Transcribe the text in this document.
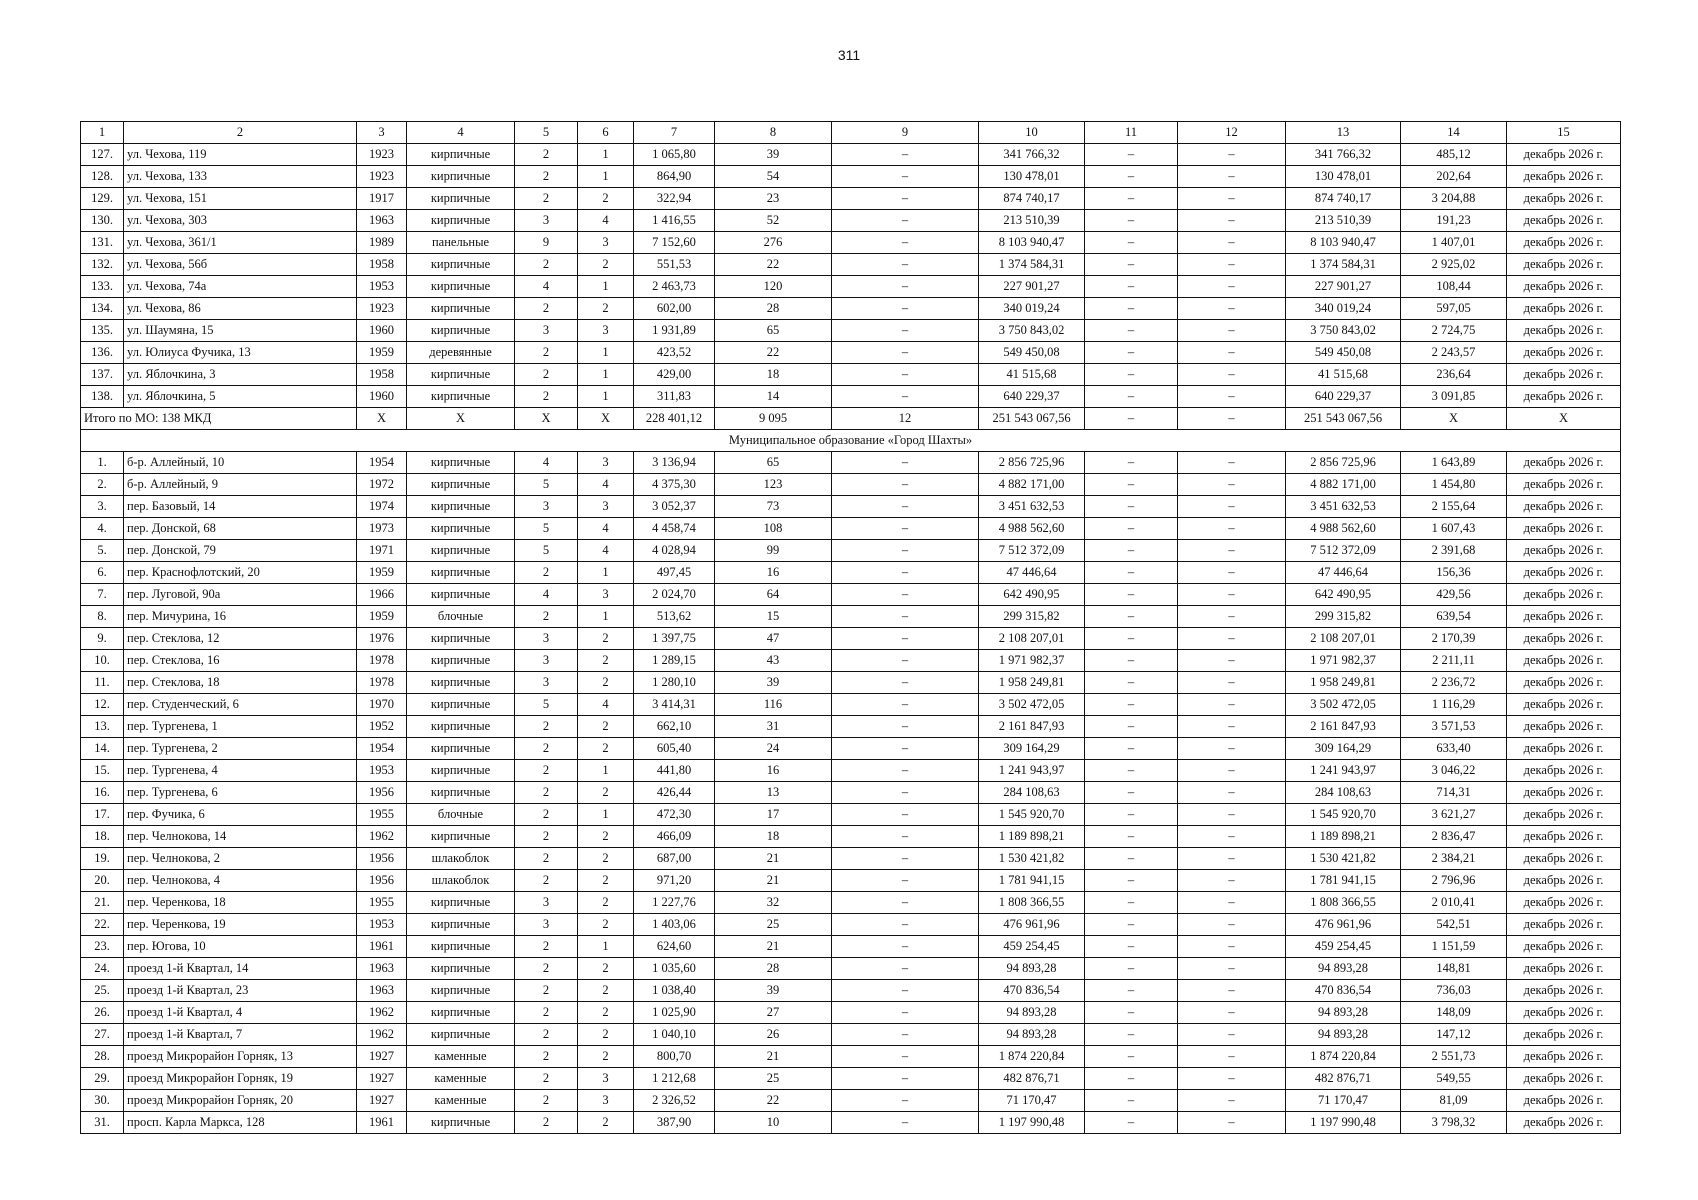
311
1	2	3	4	5	6	7	8	9	10	11	12	13	14	15
127.	ул. Чехова, 119	1923	кирпичные	2	1	1 065,80	39	–	341 766,32	–	–	341 766,32	485,12	декабрь 2026 г.
128.	ул. Чехова, 133	1923	кирпичные	2	1	864,90	54	–	130 478,01	–	–	130 478,01	202,64	декабрь 2026 г.
129.	ул. Чехова, 151	1917	кирпичные	2	2	322,94	23	–	874 740,17	–	–	874 740,17	3 204,88	декабрь 2026 г.
130.	ул. Чехова, 303	1963	кирпичные	3	4	1 416,55	52	–	213 510,39	–	–	213 510,39	191,23	декабрь 2026 г.
131.	ул. Чехова, 361/1	1989	панельные	9	3	7 152,60	276	–	8 103 940,47	–	–	8 103 940,47	1 407,01	декабрь 2026 г.
132.	ул. Чехова, 56б	1958	кирпичные	2	2	551,53	22	–	1 374 584,31	–	–	1 374 584,31	2 925,02	декабрь 2026 г.
133.	ул. Чехова, 74а	1953	кирпичные	4	1	2 463,73	120	–	227 901,27	–	–	227 901,27	108,44	декабрь 2026 г.
134.	ул. Чехова, 86	1923	кирпичные	2	2	602,00	28	–	340 019,24	–	–	340 019,24	597,05	декабрь 2026 г.
135.	ул. Шаумяна, 15	1960	кирпичные	3	3	1 931,89	65	–	3 750 843,02	–	–	3 750 843,02	2 724,75	декабрь 2026 г.
136.	ул. Юлиуса Фучика, 13	1959	деревянные	2	1	423,52	22	–	549 450,08	–	–	549 450,08	2 243,57	декабрь 2026 г.
137.	ул. Яблочкина, 3	1958	кирпичные	2	1	429,00	18	–	41 515,68	–	–	41 515,68	236,64	декабрь 2026 г.
138.	ул. Яблочкина, 5	1960	кирпичные	2	1	311,83	14	–	640 229,37	–	–	640 229,37	3 091,85	декабрь 2026 г.
Итого по МО: 138 МКД		X	X	X	X	228 401,12	9 095	12	251 543 067,56	–	–	251 543 067,56	X	X
Муниципальное образование «Город Шахты»														
1.	б-р. Аллейный, 10	1954	кирпичные	4	3	3 136,94	65	–	2 856 725,96	–	–	2 856 725,96	1 643,89	декабрь 2026 г.
2.	б-р. Аллейный, 9	1972	кирпичные	5	4	4 375,30	123	–	4 882 171,00	–	–	4 882 171,00	1 454,80	декабрь 2026 г.
3.	пер. Базовый, 14	1974	кирпичные	3	3	3 052,37	73	–	3 451 632,53	–	–	3 451 632,53	2 155,64	декабрь 2026 г.
4.	пер. Донской, 68	1973	кирпичные	5	4	4 458,74	108	–	4 988 562,60	–	–	4 988 562,60	1 607,43	декабрь 2026 г.
5.	пер. Донской, 79	1971	кирпичные	5	4	4 028,94	99	–	7 512 372,09	–	–	7 512 372,09	2 391,68	декабрь 2026 г.
6.	пер. Краснофлотский, 20	1959	кирпичные	2	1	497,45	16	–	47 446,64	–	–	47 446,64	156,36	декабрь 2026 г.
7.	пер. Луговой, 90а	1966	кирпичные	4	3	2 024,70	64	–	642 490,95	–	–	642 490,95	429,56	декабрь 2026 г.
8.	пер. Мичурина, 16	1959	блочные	2	1	513,62	15	–	299 315,82	–	–	299 315,82	639,54	декабрь 2026 г.
9.	пер. Стеклова, 12	1976	кирпичные	3	2	1 397,75	47	–	2 108 207,01	–	–	2 108 207,01	2 170,39	декабрь 2026 г.
10.	пер. Стеклова, 16	1978	кирпичные	3	2	1 289,15	43	–	1 971 982,37	–	–	1 971 982,37	2 211,11	декабрь 2026 г.
11.	пер. Стеклова, 18	1978	кирпичные	3	2	1 280,10	39	–	1 958 249,81	–	–	1 958 249,81	2 236,72	декабрь 2026 г.
12.	пер. Студенческий, 6	1970	кирпичные	5	4	3 414,31	116	–	3 502 472,05	–	–	3 502 472,05	1 116,29	декабрь 2026 г.
13.	пер. Тургенева, 1	1952	кирпичные	2	2	662,10	31	–	2 161 847,93	–	–	2 161 847,93	3 571,53	декабрь 2026 г.
14.	пер. Тургенева, 2	1954	кирпичные	2	2	605,40	24	–	309 164,29	–	–	309 164,29	633,40	декабрь 2026 г.
15.	пер. Тургенева, 4	1953	кирпичные	2	1	441,80	16	–	1 241 943,97	–	–	1 241 943,97	3 046,22	декабрь 2026 г.
16.	пер. Тургенева, 6	1956	кирпичные	2	2	426,44	13	–	284 108,63	–	–	284 108,63	714,31	декабрь 2026 г.
17.	пер. Фучика, 6	1955	блочные	2	1	472,30	17	–	1 545 920,70	–	–	1 545 920,70	3 621,27	декабрь 2026 г.
18.	пер. Челнокова, 14	1962	кирпичные	2	2	466,09	18	–	1 189 898,21	–	–	1 189 898,21	2 836,47	декабрь 2026 г.
19.	пер. Челнокова, 2	1956	шлакоблок	2	2	687,00	21	–	1 530 421,82	–	–	1 530 421,82	2 384,21	декабрь 2026 г.
20.	пер. Челнокова, 4	1956	шлакоблок	2	2	971,20	21	–	1 781 941,15	–	–	1 781 941,15	2 796,96	декабрь 2026 г.
21.	пер. Черенкова, 18	1955	кирпичные	3	2	1 227,76	32	–	1 808 366,55	–	–	1 808 366,55	2 010,41	декабрь 2026 г.
22.	пер. Черенкова, 19	1953	кирпичные	3	2	1 403,06	25	–	476 961,96	–	–	476 961,96	542,51	декабрь 2026 г.
23.	пер. Югова, 10	1961	кирпичные	2	1	624,60	21	–	459 254,45	–	–	459 254,45	1 151,59	декабрь 2026 г.
24.	проезд 1-й Квартал, 14	1963	кирпичные	2	2	1 035,60	28	–	94 893,28	–	–	94 893,28	148,81	декабрь 2026 г.
25.	проезд 1-й Квартал, 23	1963	кирпичные	2	2	1 038,40	39	–	470 836,54	–	–	470 836,54	736,03	декабрь 2026 г.
26.	проезд 1-й Квартал, 4	1962	кирпичные	2	2	1 025,90	27	–	94 893,28	–	–	94 893,28	148,09	декабрь 2026 г.
27.	проезд 1-й Квартал, 7	1962	кирпичные	2	2	1 040,10	26	–	94 893,28	–	–	94 893,28	147,12	декабрь 2026 г.
28.	проезд Микрорайон Горняк, 13	1927	каменные	2	2	800,70	21	–	1 874 220,84	–	–	1 874 220,84	2 551,73	декабрь 2026 г.
29.	проезд Микрорайон Горняк, 19	1927	каменные	2	3	1 212,68	25	–	482 876,71	–	–	482 876,71	549,55	декабрь 2026 г.
30.	проезд Микрорайон Горняк, 20	1927	каменные	2	3	2 326,52	22	–	71 170,47	–	–	71 170,47	81,09	декабрь 2026 г.
31.	просп. Карла Маркса, 128	1961	кирпичные	2	2	387,90	10	–	1 197 990,48	–	–	1 197 990,48	3 798,32	декабрь 2026 г.
